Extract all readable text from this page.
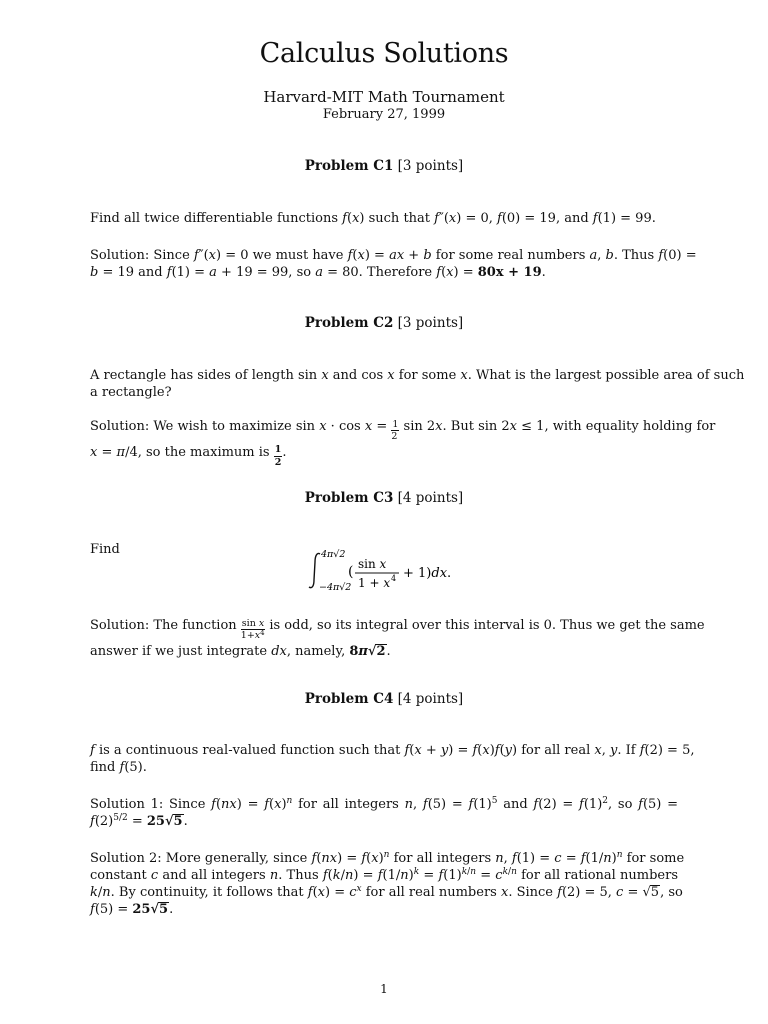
Calculus Solutions
Harvard-MIT Math Tournament
February 27, 1999
Problem C1 [3 points]
Find all twice differentiable functions f(x) such that f″(x) = 0, f(0) = 19, and f(1) = 99.
Solution: Since f″(x) = 0 we must have f(x) = ax + b for some real numbers a, b. Thus f(0) =
b = 19 and f(1) = a + 19 = 99, so a = 80. Therefore f(x) = 80x + 19.
Problem C2 [3 points]
A rectangle has sides of length sin x and cos x for some x. What is the largest possible area of such
a rectangle?
Solution: We wish to maximize $\sin x \cdot \cos x = \frac{1}{2}$ sin 2x. But sin 2x ≤ 1, with equality holding for
x = π/4, so the maximum is $\frac{1}{2}$ .
Problem C3 [4 points]
Find	4π√2
−4π√2
( sin x
1 + x 4 + 1)dx.
Solution: The function $\frac{\text{sin x}}{1+x^4}$ is odd, so its integral over this interval is 0. Thus we get the same
answer if we just integrate dx, namely, 8π√2.
Problem C4 [4 points]
f is a continuous real-valued function such that f(x + y) = f(x)f(y) for all real x, y. If f(2) = 5,
find f(5).
Solution 1: Since $f(nx) = f(x)^n$ for all integers n, $f(5) = f(1)^5$ and $f(2) = f(1)^2$, so f(5) =
$f(2)^{5/2} = 25√5$.
Solution 2: More generally, since $f(nx) = f(x)^n$ for all integers n, $f(1) = c = f(1/n)^n$ for some
constant c and all integers n. Thus $f(k/n) = f(1/n)^k = f(1)^{k/n} = c^{k/n}$ for all rational numbers
k/n. By continuity, it follows that $f(x) = c^x$ for all real numbers x. Since f(2) = 5, c = √5, so
f(5) = 25√5.
1
